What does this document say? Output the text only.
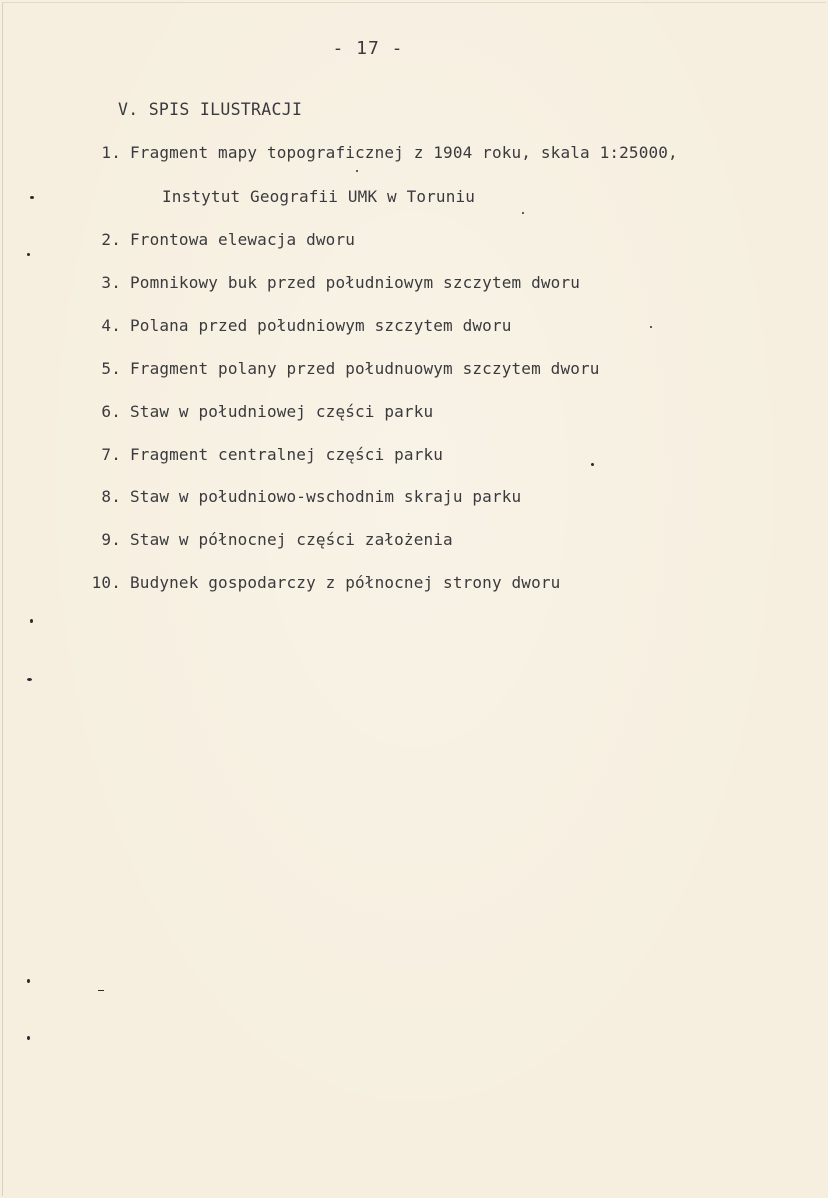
- 17 -
V. SPIS ILUSTRACJI
1. Fragment mapy topograficznej z 1904 roku, skala 1:25000,
Instytut Geografii UMK w Toruniu
2. Frontowa elewacja dworu
3. Pomnikowy buk przed południowym szczytem dworu
4. Polana przed południowym szczytem dworu
5. Fragment polany przed połudnuowym szczytem dworu
6. Staw w południowej części parku
7. Fragment centralnej części parku
8. Staw w południowo-wschodnim skraju parku
9. Staw w północnej części założenia
10. Budynek gospodarczy z północnej strony dworu
